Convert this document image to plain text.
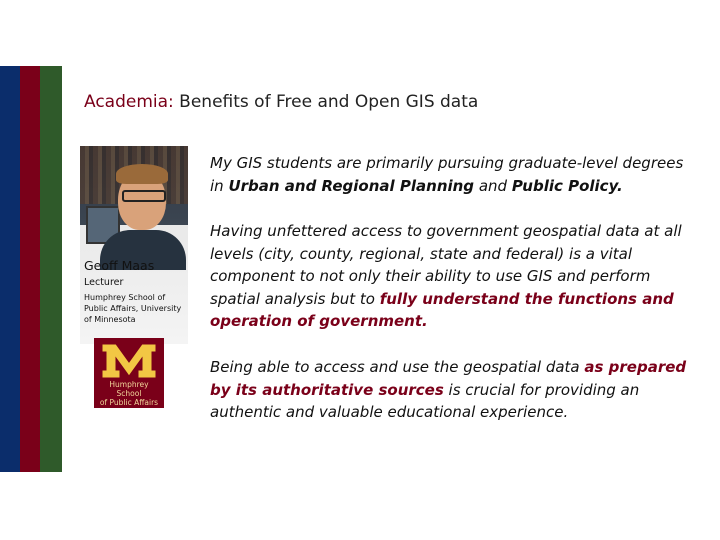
Academia: Benefits of Free and Open GIS data
Geoff Maas
Lecturer
Humphrey School of Public Affairs, University of Minnesota
Humphrey School
of Public Affairs
My GIS students are primarily pursuing graduate-level degrees in Urban and Regional Planning and Public Policy.
Having unfettered access to government geospatial data at all levels (city, county, regional, state and federal) is a vital component to not only their ability to use GIS and perform spatial analysis but to fully understand the functions and operation of government.
Being able to access and use the geospatial data as prepared by its authoritative sources is crucial for providing an authentic and valuable educational experience.
